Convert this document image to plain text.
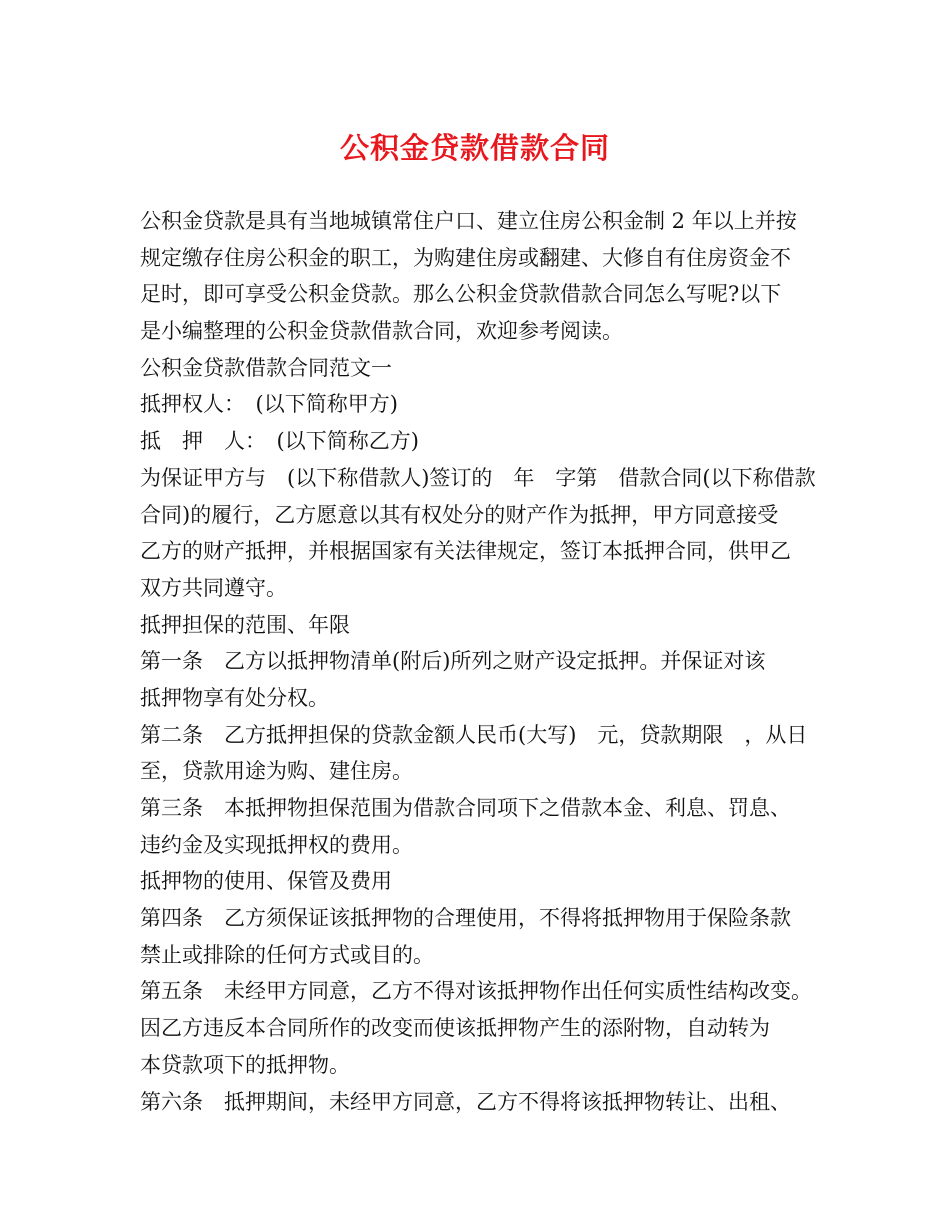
公积金贷款借款合同
公积金贷款是具有当地城镇常住户口、建立住房公积金制 2 年以上并按
规定缴存住房公积金的职工，为购建住房或翻建、大修自有住房资金不
足时，即可享受公积金贷款。那么公积金贷款借款合同怎么写呢?以下
是小编整理的公积金贷款借款合同，欢迎参考阅读。
公积金贷款借款合同范文一
抵押权人：　(以下简称甲方)
抵　押　人：　(以下简称乙方)
为保证甲方与　(以下称借款人)签订的　年　字第　借款合同(以下称借款
合同)的履行，乙方愿意以其有权处分的财产作为抵押，甲方同意接受
乙方的财产抵押，并根据国家有关法律规定，签订本抵押合同，供甲乙
双方共同遵守。
抵押担保的范围、年限
第一条　乙方以抵押物清单(附后)所列之财产设定抵押。并保证对该
抵押物享有处分权。
第二条　乙方抵押担保的贷款金额人民币(大写)　元，贷款期限　，从日
至，贷款用途为购、建住房。
第三条　本抵押物担保范围为借款合同项下之借款本金、利息、罚息、
违约金及实现抵押权的费用。
抵押物的使用、保管及费用
第四条　乙方须保证该抵押物的合理使用，不得将抵押物用于保险条款
禁止或排除的任何方式或目的。
第五条　未经甲方同意，乙方不得对该抵押物作出任何实质性结构改变。
因乙方违反本合同所作的改变而使该抵押物产生的添附物，自动转为
本贷款项下的抵押物。
第六条　抵押期间，未经甲方同意，乙方不得将该抵押物转让、出租、
